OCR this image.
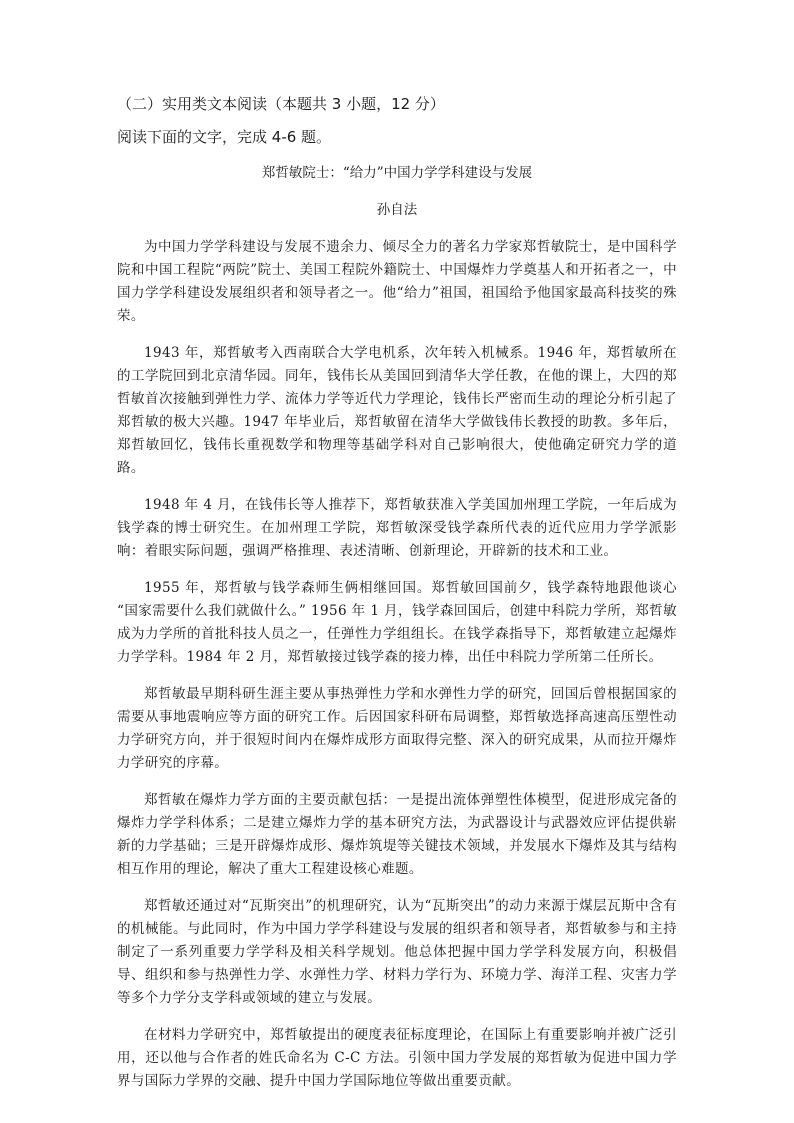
（二）实用类文本阅读（本题共 3 小题，12 分）
阅读下面的文字，完成 4-6 题。
郑哲敏院士：“给力”中国力学学科建设与发展
孙自法

为中国力学学科建设与发展不遗余力、倾尽全力的著名力学家郑哲敏院士，是中国科学院和中国工程院“两院”院士、美国工程院外籍院士、中国爆炸力学奠基人和开拓者之一，中国力学学科建设发展组织者和领导者之一。他“给力”祖国，祖国给予他国家最高科技奖的殊荣。

1943 年，郑哲敏考入西南联合大学电机系，次年转入机械系。1946 年，郑哲敏所在的工学院回到北京清华园。同年，钱伟长从美国回到清华大学任教，在他的课上，大四的郑哲敏首次接触到弹性力学、流体力学等近代力学理论，钱伟长严密而生动的理论分析引起了郑哲敏的极大兴趣。1947 年毕业后，郑哲敏留在清华大学做钱伟长教授的助教。多年后，郑哲敏回忆，钱伟长重视数学和物理等基础学科对自己影响很大，使他确定研究力学的道路。

1948 年 4 月，在钱伟长等人推荐下，郑哲敏获准入学美国加州理工学院，一年后成为钱学森的博士研究生。在加州理工学院，郑哲敏深受钱学森所代表的近代应用力学学派影响：着眼实际问题，强调严格推理、表述清晰、创新理论，开辟新的技术和工业。

1955 年，郑哲敏与钱学森师生俩相继回国。郑哲敏回国前夕，钱学森特地跟他谈心 “国家需要什么我们就做什么。” 1956 年 1 月，钱学森回国后，创建中科院力学所，郑哲敏成为力学所的首批科技人员之一，任弹性力学组组长。在钱学森指导下，郑哲敏建立起爆炸力学学科。1984 年 2 月，郑哲敏接过钱学森的接力棒，出任中科院力学所第二任所长。

郑哲敏最早期科研生涯主要从事热弹性力学和水弹性力学的研究，回国后曾根据国家的需要从事地震响应等方面的研究工作。后因国家科研布局调整，郑哲敏选择高速高压塑性动力学研究方向，并于很短时间内在爆炸成形方面取得完整、深入的研究成果，从而拉开爆炸力学研究的序幕。

郑哲敏在爆炸力学方面的主要贡献包括：一是提出流体弹塑性体模型，促进形成完备的爆炸力学学科体系；二是建立爆炸力学的基本研究方法，为武器设计与武器效应评估提供崭新的力学基础；三是开辟爆炸成形、爆炸筑堤等关键技术领域，并发展水下爆炸及其与结构相互作用的理论，解决了重大工程建设核心难题。

郑哲敏还通过对“瓦斯突出”的机理研究，认为“瓦斯突出”的动力来源于煤层瓦斯中含有的机械能。与此同时，作为中国力学学科建设与发展的组织者和领导者，郑哲敏参与和主持制定了一系列重要力学学科及相关科学规划。他总体把握中国力学学科发展方向，积极倡导、组织和参与热弹性力学、水弹性力学、材料力学行为、环境力学、海洋工程、灾害力学等多个力学分支学科或领域的建立与发展。

在材料力学研究中，郑哲敏提出的硬度表征标度理论，在国际上有重要影响并被广泛引用，还以他与合作者的姓氏命名为 C-C 方法。引领中国力学发展的郑哲敏为促进中国力学界与国际力学界的交融、提升中国力学国际地位等做出重要贡献。
